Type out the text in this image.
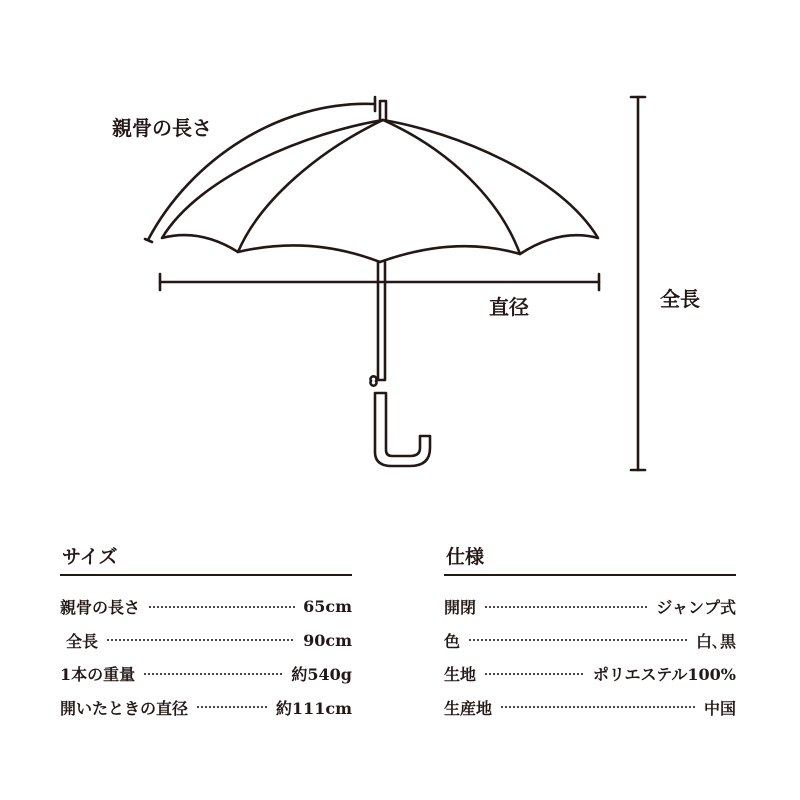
親骨の長さ
直径	全長
サイズ
親骨の長さ	65cm
全長	90cm
1本の重量	約540g
開いたときの直径	約111cm
仕様
開閉	ジャンプ式
色	白､黒
生地	ポリエステル100%
生産地	中国
